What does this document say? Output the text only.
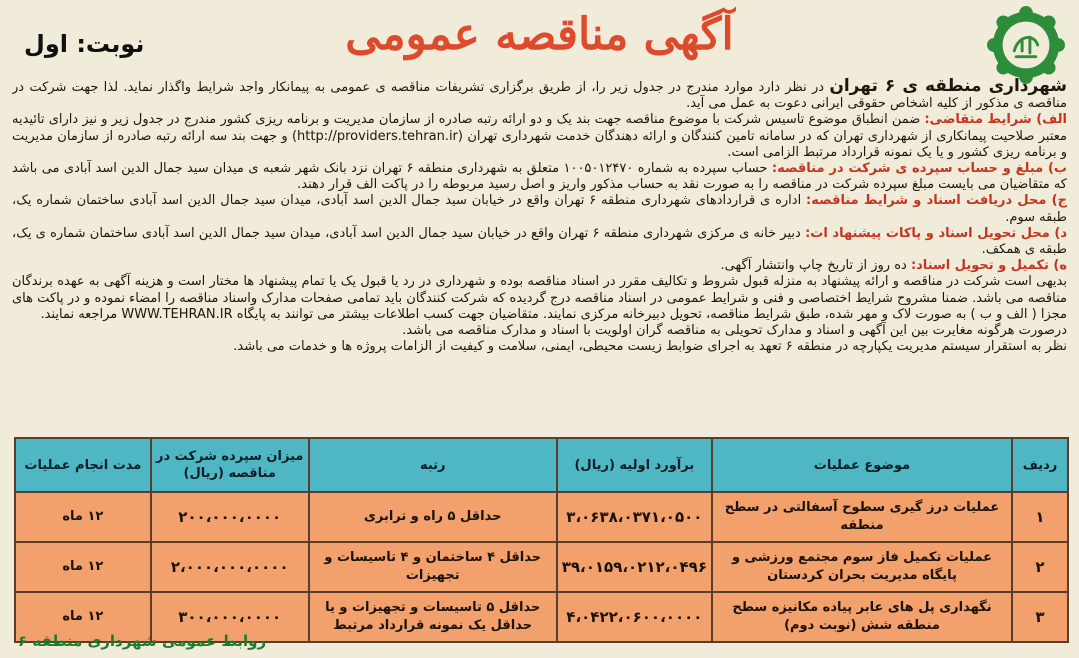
آگهی مناقصه عمومی
نوبت: اول

شهرداری منطقه ی ۶ تهران در نظر دارد موارد مندرج در جدول زیر را، از طریق برگزاری تشریفات مناقصه ی عمومی به پیمانکار واجد شرایط واگذار نماید. لذا جهت شرکت در مناقصه ی مذکور از کلیه اشخاص حقوقی ایرانی دعوت به عمل می آید.

الف) شرایط متقاضی: ضمن انطباق موضوع تاسیس شرکت با موضوع مناقصه جهت بند یک و دو ارائه رتبه صادره از سازمان مدیریت و برنامه ریزی کشور مندرج در جدول زیر و نیز دارای تائیدیه معتبر صلاحیت پیمانکاری از شهرداری تهران که در سامانه تامین کنندگان و ارائه دهندگان خدمت شهرداری تهران (http://providers.tehran.ir) و جهت بند سه ارائه رتبه صادره از سازمان مدیریت و برنامه ریزی کشور و یا یک نمونه قرارداد مرتبط الزامی است.

ب) مبلغ و حساب سپرده ی شرکت در مناقصه: حساب سپرده به شماره ۱۰۰۵۰۱۲۴۷۰ متعلق به شهرداری منطقه ۶ تهران نزد بانک شهر شعبه ی میدان سید جمال الدین اسد آبادی می باشد که متقاضیان می بایست مبلغ سپرده شرکت در مناقصه را به صورت نقد به حساب مذکور واریز و اصل رسید مربوطه را در پاکت الف قرار دهند.

ج) محل دریافت اسناد و شرایط مناقصه: اداره ی قراردادهای شهرداری منطقه ۶ تهران واقع در خیابان سید جمال الدین اسد آبادی، میدان سید جمال الدین اسد آبادی ساختمان شماره یک، طبقه سوم.

د) محل تحویل اسناد و پاکات پیشنهاد ات: دبیر خانه ی مرکزی شهرداری منطقه ۶ تهران واقع در خیابان سید جمال الدین اسد آبادی، میدان سید جمال الدین اسد آبادی ساختمان شماره ی یک، طبقه ی همکف.

ه) تکمیل و تحویل اسناد: ده روز از تاریخ چاپ وانتشار آگهی.

بدیهی است شرکت در مناقصه و ارائه پیشنهاد به منزله قبول شروط و تکالیف مقرر در اسناد مناقصه بوده و شهرداری در رد یا قبول یک یا تمام پیشنهاد ها مختار است و هزینه آگهی به عهده برندگان مناقصه می باشد. ضمنا مشروح شرایط اختصاصی و فنی و شرایط عمومی در اسناد مناقصه درج گردیده که شرکت کنندگان باید تمامی صفحات مدارک واسناد مناقصه را امضاء نموده و در پاکت های مجزا ( الف و ب ) به صورت لاک و مهر شده، طبق شرایط مناقصه، تحویل دبیرخانه مرکزی نمایند. متقاضیان جهت کسب اطلاعات بیشتر می توانند به پایگاه WWW.TEHRAN.IR مراجعه نمایند.

درصورت هرگونه مغایرت بین این آگهی و اسناد و مدارک تحویلی به مناقصه گران اولویت با اسناد و مدارک مناقصه می باشد.

نظر به استقرار سیستم مدیریت یکپارچه در منطقه ۶ تعهد به اجرای ضوابط زیست محیطی، ایمنی، سلامت و کیفیت از الزامات پروژه ها و خدمات می باشد.

ردیف	موضوع عملیات	برآورد اولیه (ریال)	رتبه	میزان سپرده شرکت در مناقصه (ریال)	مدت انجام عملیات
۱	عملیات درز گیری سطوح آسفالتی در سطح منطقه	۳،۰۶۳۸،۰۳۷۱،۰۵۰۰	حداقل ۵ راه و ترابری	۲۰۰،۰۰۰،۰۰۰۰	۱۲ ماه
۲	عملیات تکمیل فاز سوم مجتمع ورزشی و پایگاه مدیریت بحران کردستان	۳۹،۰۱۵۹،۰۲۱۲،۰۴۹۶	حداقل ۴ ساختمان و ۴ تاسیسات و تجهیزات	۲،۰۰۰،۰۰۰،۰۰۰۰	۱۲ ماه
۳	نگهداری پل های عابر پیاده مکانیزه سطح منطقه شش (نوبت دوم)	۴،۰۴۲۲،۰۶۰۰،۰۰۰۰	حداقل ۵ تاسیسات و تجهیزات و یا حداقل یک نمونه قرارداد مرتبط	۳۰۰،۰۰۰،۰۰۰۰	۱۲ ماه
روابط عمومی شهرداری منطقه ۶
